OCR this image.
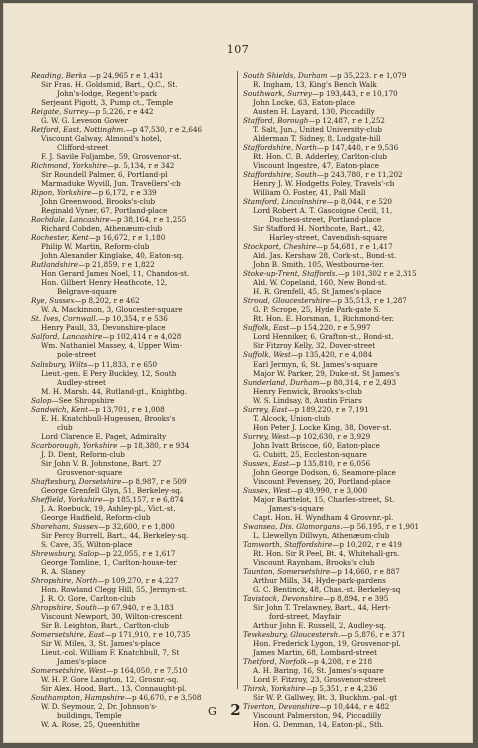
107
Reading, Berks —p 24,965 r e 1,431
Sir Fras. H. Goldsmid, Bart., Q.C., St.
John's-lodge, Regent's-park
Serjeant Pigott, 3, Pump ct., Temple
Reigate, Surrey—p 5,226, r e 442
G. W. G. Leveson Gower
Retford, East, Nottinghm.—p 47,530, r e 2,646
Viscount Galway, Almond's hotel,
Clifford-street
F. J. Savile Foljambe, 59, Grosvenor-st.
Richmond, Yorkshire—p. 5,134, r e 342
Sir Roundell Palmer, 6, Portland-pl
Marmaduke Wyvill, Jun. Travellers'-cb
Ripon, Yorkshire—p 6,172, r e 339
John Greenwood, Brooks's-club
Reginald Vyner, 67, Portland-place
Rochdale, Lancashire—p 38,164, r e 1,255
Richard Cobden, Athenæum-club
Rochester, Kent—p 16,672, r e 1,180
Philip W. Martin, Reform-club
John Alexander Kinglake, 40, Eaton-sq.
Rutlandshire—p 21,859, r e 1,822
Hon Gerard James Noel, 11, Chandos-st.
Hon. Gilbert Henry Heathcote, 12,
Belgrave-square
Rye, Sussex—p 8,202, r e 462
W. A. Mackinnon, 3, Gloucester-square
St. Ives, Cornwall.—p 10,354, r e 536
Henry Paull, 33, Devonshire-place
Salford, Lancashire—p 102,414 r e 4,028
Wm. Nathaniel Massey, 4, Upper Wim-
pole-street
Salisbury, Wilts—p 11,833, r e 650
Lieut.-gen. E Pery Buckley, 12, South
Audley-street
M. H. Marsh. 44, Rutland-gt., Knightbg.
Salop—See Shropshire
Sandwich, Kent—p 13,701, r e 1,008
E. H. Knatchbull-Hugessen, Brooks's
club
Lord Clarence E. Paget, Admiralty
Scarborough, Yorkshire —p 18,380, r e 934
J. D. Dent, Reform-club
Sir John V. B. Johnstone, Bart. 27
Grosvenor-square
Shaftesbury, Dorsetshire—p 8,987, r e 509
George Grenfell Glyn, 51, Berkeley-sq.
Sheffield, Yorkshire—p 185,157, r e 6,874
J. A. Roebuck, 19, Ashley-pl., Vict.-st.
George Hadfield, Reform-club
Shoreham, Sussex—p 32,600, r e 1,800
Sir Percy Burrell, Bart., 44, Berkeley-sq.
S. Cave, 35, Wilton-place
Shrewsbury, Salop—p 22,055, r e 1,617
George Tomline, 1, Carlton-house-ter
R. A. Slaney
Shropshire, North—p 109,270, r e 4,227
Hon. Rowland Clegg Hill, 55, Jermyn-st.
J. R. O. Gore, Carlton-club
Shropshire, South—p 67,940, r e 3,183
Viscount Newport, 30, Wilton-crescent
Sir B. Leighton, Bart., Carlton-club
Somersetshire, East—p 171,910, r e 10,735
Sir W. Miles, 3, St. James's-place
Lieut.-col. William F. Knatchbull, 7, St
James's-place
Somersetshire, West—p 164,050, r e 7,510
W. H. P. Gore Langton, 12, Grosnr.-sq.
Sir Alex. Hood, Bart., 13, Connaught-pl.
Southampton, Hampshire—p 46,670, r e 3,508
W. D. Seymour, 2, Dr. Johnson's-
buildings, Temple
W. A. Rose, 25, Queenhithe
South Shields, Durham —p 35,223. r e 1,079
R. Ingham, 13, King's Bench Walk
Southwark, Surrey—p 193,443, r e 10,170
John Locke, 63, Eaton-place
Austen H. Layard, 130, Piccadilly
Stafford, Borough—p 12,487, r e 1,252
T. Salt, Jun., United University-club
Alderman T. Sidney, 8, Ludgate-hill
Staffordshire, North—p 147,440, r e 9,536
Rt. Hon. C. B. Adderley, Carlton-club
Viscount Ingestre, 47, Eaton-place
Staffordshire, South—p 243,780, r e 11,202
Henry J. W. Hodgetts Foley, Travels'-cb
William O. Foster, 41, Pall Mall
Stamford, Lincolnshire—p 8,044, r e 520
Lord Robert A. T. Gascoigne Cecil, 11,
Duchess-street, Portland-place
Sir Stafford H. Northcote, Bart., 42,
Harley-street, Cavendish-square
Stockport, Cheshire—p 54,681, r e 1,417
Ald. Jas. Kershaw 28, Cork-st., Bond-st.
John B. Smith, 105, Westbourne-ter.
Stoke-up-Trent, Staffords.—p 101,302 r e 2,315
Ald. W. Copeland, 160, New Bond-st.
H. R. Grenfell, 45, St James's-place
Stroud, Gloucestershire—p 35,513, r e 1,287
G. P. Scrope, 25, Hyde Park-gate S.
Rt. Hon. E. Horsman, 1, Richmond-ter.
Suffolk, East—p 154,220, r e 5,997
Lord Henniker, 6, Grafton-st., Bond-st.
Sir Fitzroy Kelly, 32, Dover-street
Suffolk, West—p 135,420, r e 4,084
Earl Jermyn, 6, St. James's-square
Major W. Parker, 29, Duke-st. St James's
Sunderland, Durham—p 80,314, r e 2,493
Henry Fenwick, Brooks's-club
W. S. Lindsay, 8, Austin Friars
Surrey, East—p 189,220, r e 7,191
T. Alcock, Union-club
Hon Peter J. Locke King, 38, Dover-st.
Surrey, West—p 102,630, r e 3,929
John Ivatt Briscoe, 60, Eaton-place
G. Cubitt, 25, Eccleston-square
Sussex, East—p 135,810, r e 6,056
John George Dodson, 6, Seamore-place
Viscount Pevensey, 20, Portland-place
Sussex, West—p 49,990, r e 3,000
Major Barttelot, 15, Charles-street, St.
James's-square
Capt. Hon. H. Wyndham 4 Grosvnr.-pl.
Swansea, Dis. Glamorgans.—p 56,195, r e 1,901
L. Llewellyn Dillwyn, Athenæum-club
Tamworth, Staffordshire—p 10,202, r e 419
Rt. Hon. Sir R Peel, Bt. 4, Whitehall-grs.
Viscount Raynham, Brooks's club
Taunton, Somersetshire—p 14,660, r e 887
Arthur Mills, 34, Hyde-park-gardens
G. C. Bentinck, 48, Chas.-st. Berkeley-sq
Tavistock, Devonshire—p 8,894, r e 395
Sir John T. Trelawney, Bart., 44, Hert-
ford-street, Mayfair
Arthur John E. Russell, 2, Audley-sq.
Tewkesbury, Gloucestersh.—p 5,876, r e 371
Hon. Frederick Lygon, 19, Grosvenor-pl.
James Martin, 68, Lombard-street
Thetford, Norfolk—p 4,208, r e 218
A. H. Baring, 16, St. James's-square
Lord F. Fitzroy, 23, Grosvenor-street
Thirsk, Yorkshire—p 5,351, r e 4,236
Sir W. P. Gallwey, Bt. 3, Buckhm.-pal.-gt
Tiverton, Devonshire—p 10,444, r e 482
Viscount Palmerston, 94, Piccadilly
Hon. G. Denman, 14, Eaton-pl., Sth.
G 2
